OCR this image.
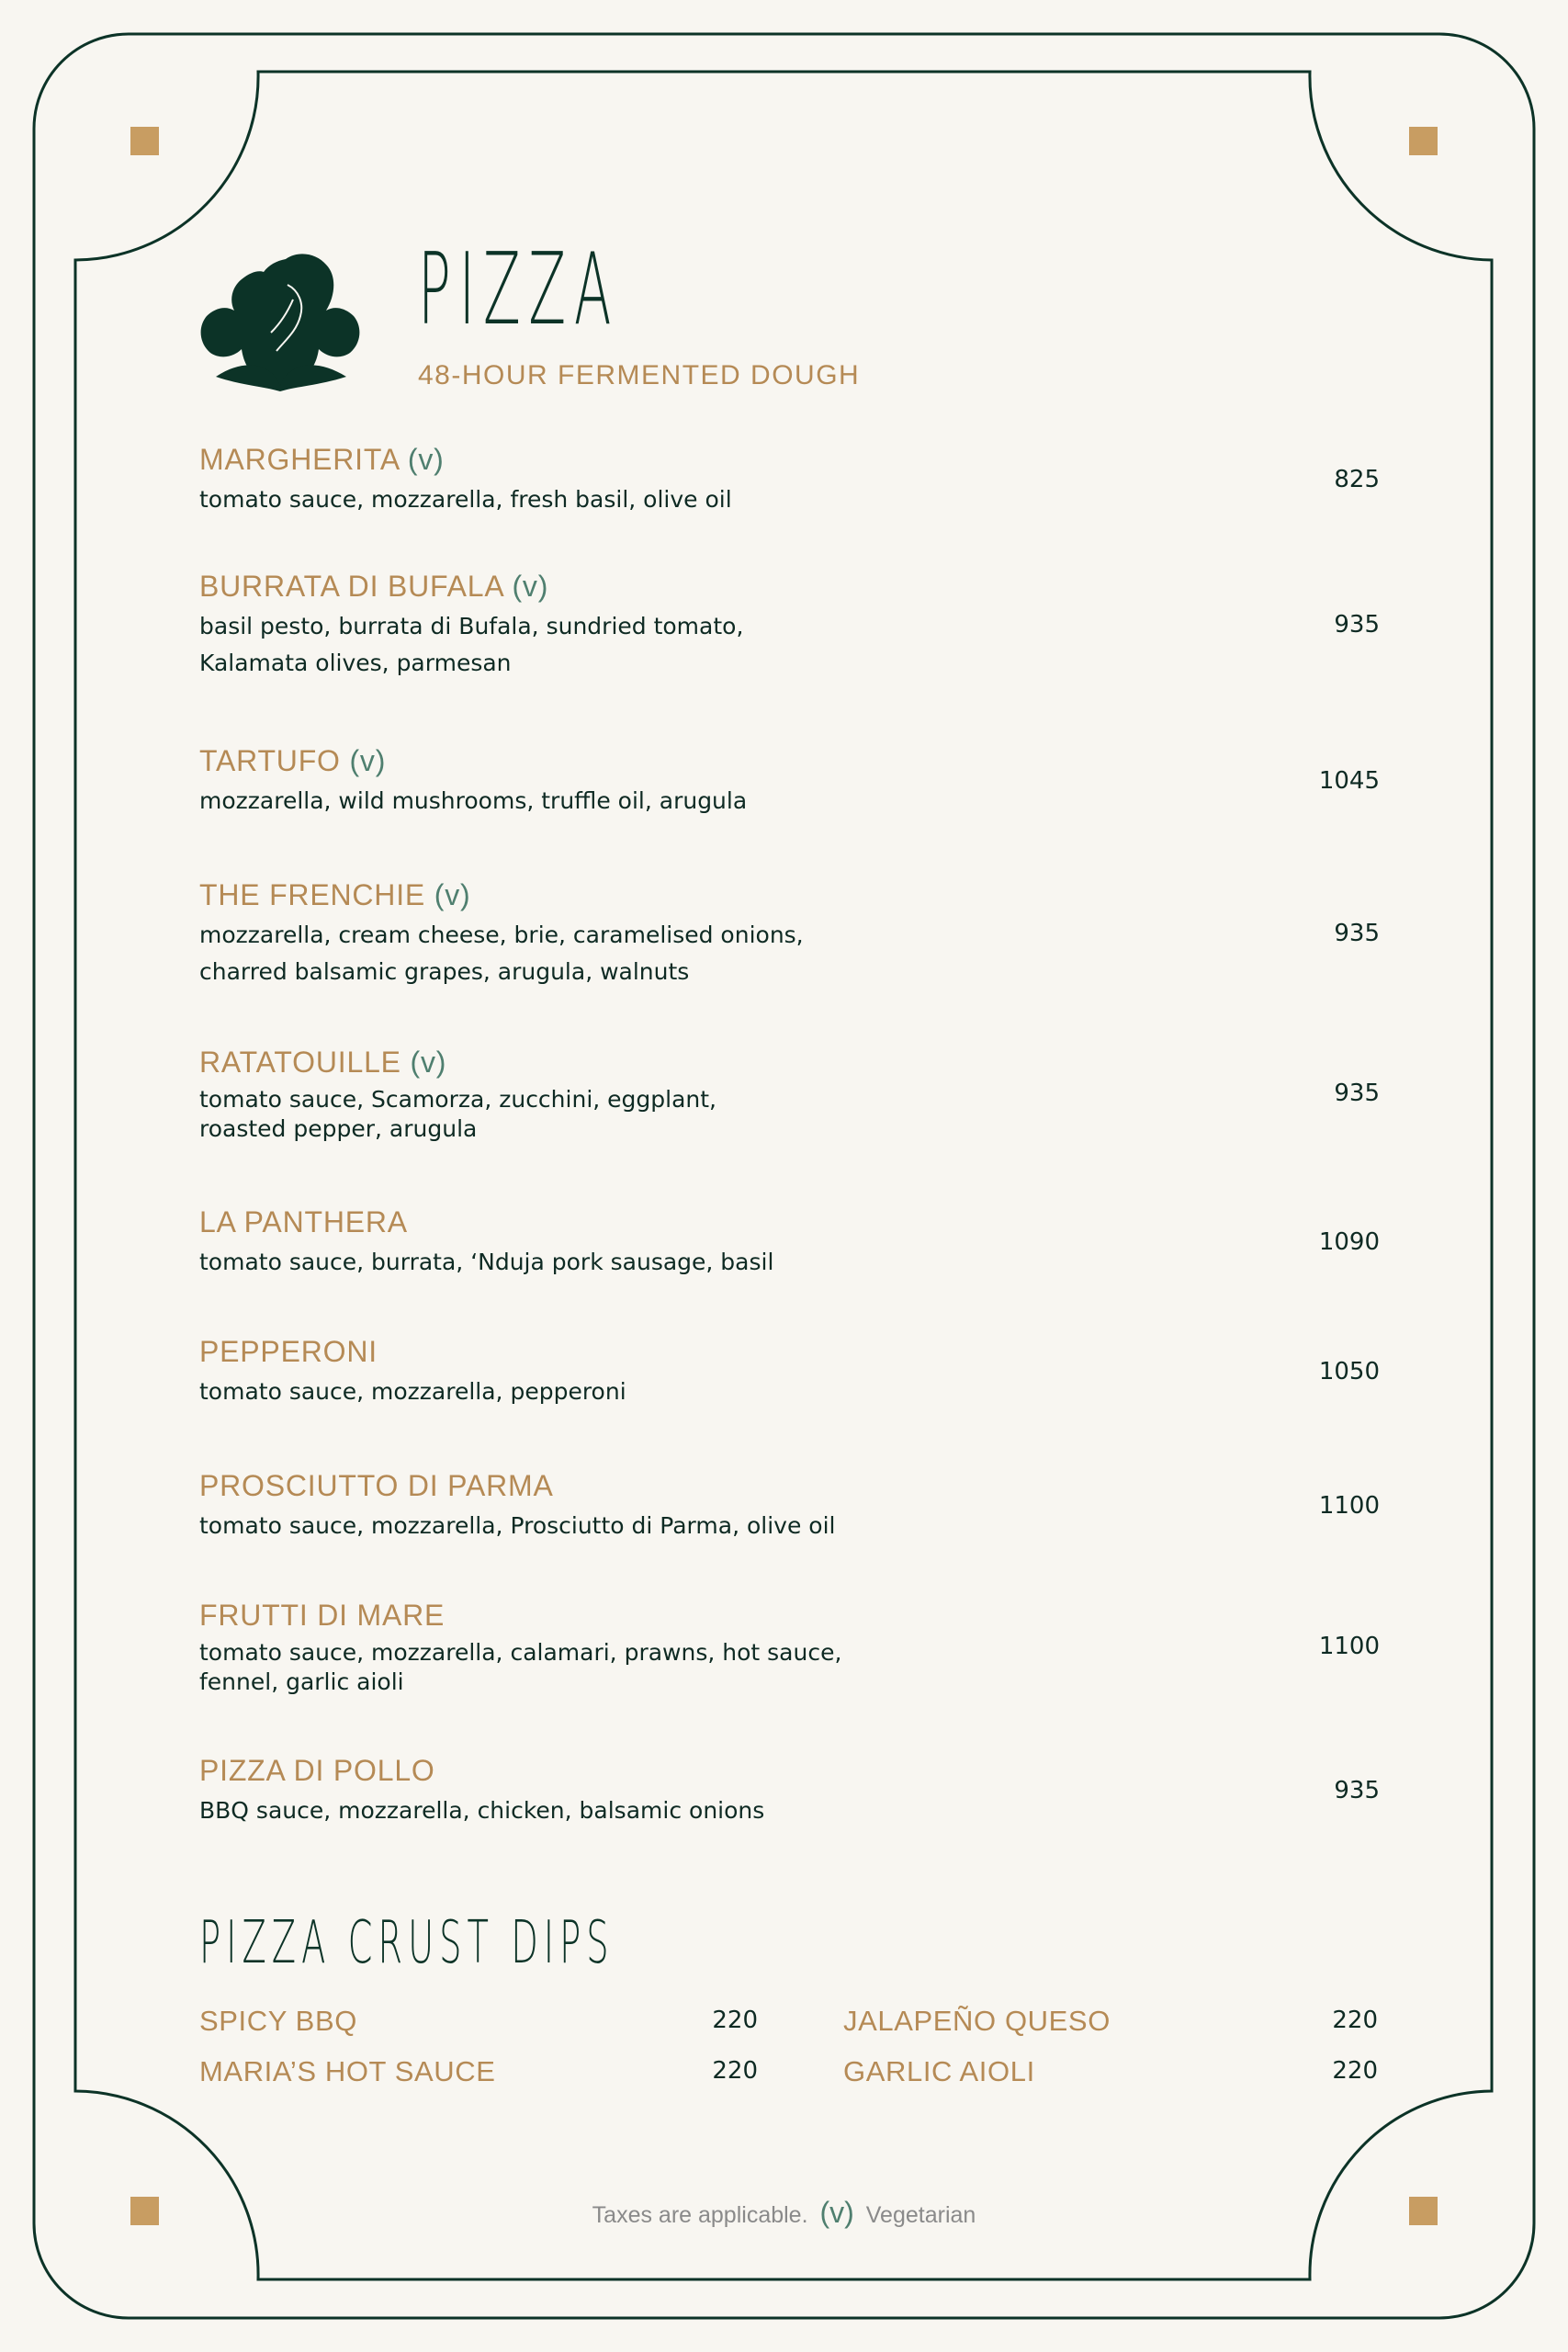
PIZZA
48-HOUR FERMENTED DOUGH
MARGHERITA (v)
tomato sauce, mozzarella, fresh basil, olive oil
825
BURRATA DI BUFALA (v)
basil pesto, burrata di Bufala, sundried tomato,
Kalamata olives, parmesan
935
TARTUFO (v)
mozzarella, wild mushrooms, truffle oil, arugula
1045
THE FRENCHIE (v)
mozzarella, cream cheese, brie, caramelised onions,
charred balsamic grapes, arugula, walnuts
935
RATATOUILLE (v)
tomato sauce, Scamorza, zucchini, eggplant,
roasted pepper, arugula
935
LA PANTHERA
tomato sauce, burrata, ‘Nduja pork sausage, basil
1090
PEPPERONI
tomato sauce, mozzarella, pepperoni
1050
PROSCIUTTO DI PARMA
tomato sauce, mozzarella, Prosciutto di Parma, olive oil
1100
FRUTTI DI MARE
tomato sauce, mozzarella, calamari, prawns, hot sauce,
fennel, garlic aioli
1100
PIZZA DI POLLO
BBQ sauce, mozzarella, chicken, balsamic onions
935
PIZZA CRUST DIPS
SPICY BBQ	220	JALAPEÑO QUESO	220
MARIA’S HOT SAUCE	220	GARLIC AIOLI	220
Taxes are applicable. (v) Vegetarian
